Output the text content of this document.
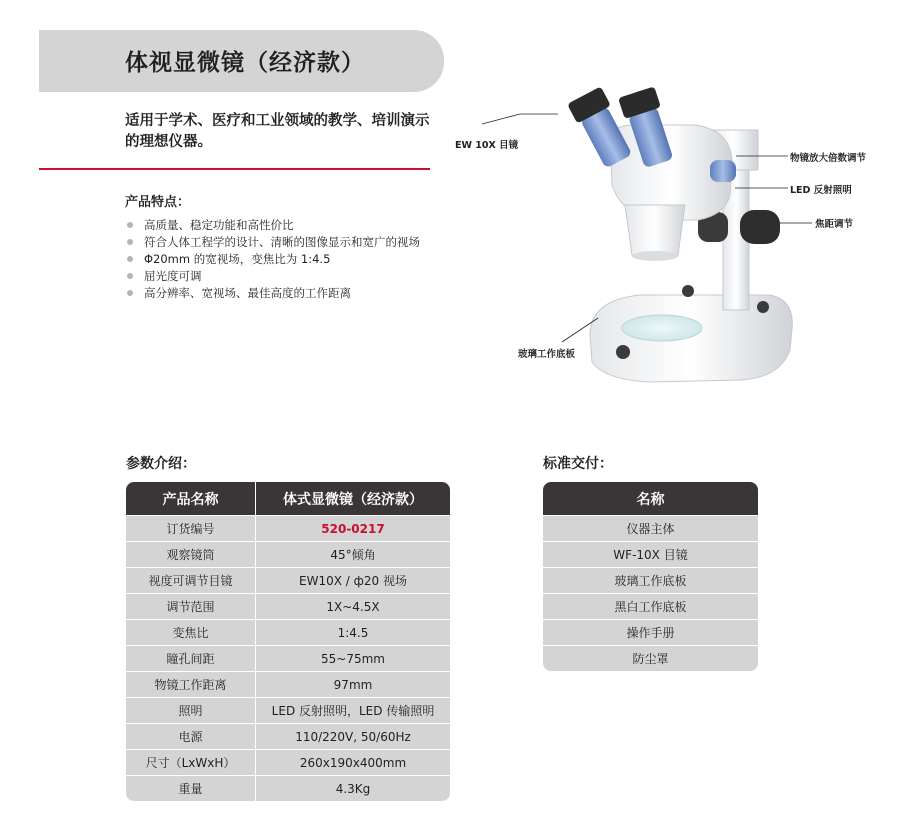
体视显微镜（经济款）
适用于学术、医疗和工业领域的教学、培训演示 的理想仪器。
产品特点：
高质量、稳定功能和高性价比
符合人体工程学的设计、清晰的图像显示和宽广的视场
Φ20mm 的宽视场，变焦比为 1:4.5
屈光度可调
高分辨率、宽视场、最佳高度的工作距离
EW 10X 目镜
物镜放大倍数调节
LED 反射照明
焦距调节
玻璃工作底板
参数介绍：
产品名称	体式显微镜（经济款）
订货编号	520-0217
观察镜筒	45°倾角
视度可调节目镜	EW10X / ф20 视场
调节范围	1X~4.5X
变焦比	1:4.5
瞳孔间距	55~75mm
物镜工作距离	97mm
照明	LED 反射照明，LED 传输照明
电源	110/220V, 50/60Hz
尺寸（LxWxH）	260x190x400mm
重量	4.3Kg
标准交付：
名称
仪器主体
WF-10X 目镜
玻璃工作底板
黑白工作底板
操作手册
防尘罩
